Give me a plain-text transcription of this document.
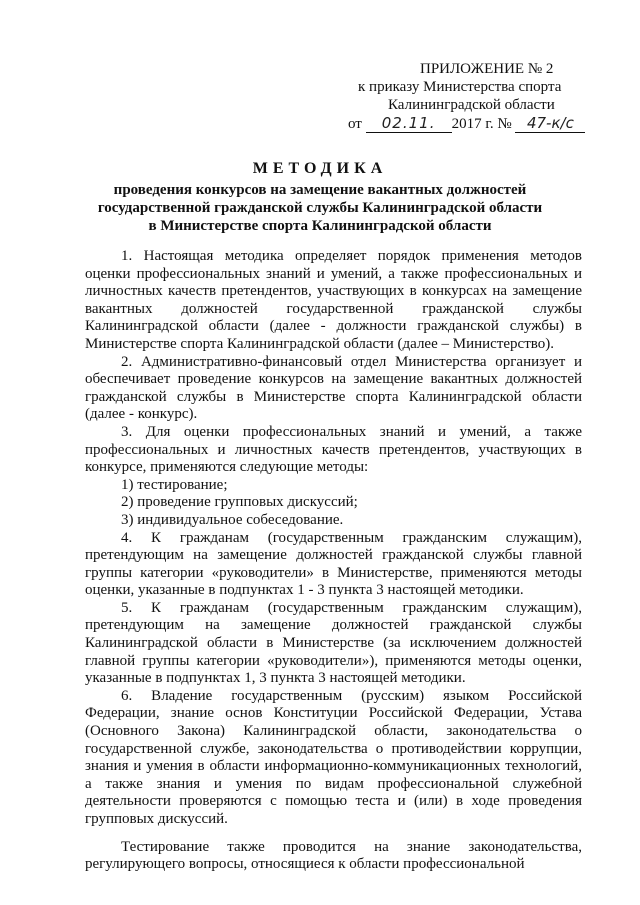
ПРИЛОЖЕНИЕ № 2
к приказу Министерства спорта
Калининградской области
от 02.11. 2017 г. № 47-к/с
МЕТОДИКА
проведения конкурсов на замещение вакантных должностей
государственной гражданской службы Калининградской области
в Министерстве спорта Калининградской области

1. Настоящая методика определяет порядок применения методов оценки профессиональных знаний и умений, а также профессиональных и личностных качеств претендентов, участвующих в конкурсах на замещение вакантных должностей государственной гражданской службы Калининградской области (далее - должности гражданской службы) в Министерстве спорта Калининградской области (далее – Министерство).

2. Административно-финансовый отдел Министерства организует и обеспечивает проведение конкурсов на замещение вакантных должностей гражданской службы в Министерстве спорта Калининградской области (далее - конкурс).

3. Для оценки профессиональных знаний и умений, а также профессиональных и личностных качеств претендентов, участвующих в конкурсе, применяются следующие методы:

1) тестирование;

2) проведение групповых дискуссий;

3) индивидуальное собеседование.

4. К гражданам (государственным гражданским служащим), претендующим на замещение должностей гражданской службы главной группы категории «руководители» в Министерстве, применяются методы оценки, указанные в подпунктах 1 - 3 пункта 3 настоящей методики.

5. К гражданам (государственным гражданским служащим), претендующим на замещение должностей гражданской службы Калининградской области в Министерстве (за исключением должностей главной группы категории «руководители»), применяются методы оценки, указанные в подпунктах 1, 3 пункта 3 настоящей методики.

6. Владение государственным (русским) языком Российской Федерации, знание основ Конституции Российской Федерации, Устава (Основного Закона) Калининградской области, законодательства о государственной службе, законодательства о противодействии коррупции, знания и умения в области информационно-коммуникационных технологий, а также знания и умения по видам профессиональной служебной деятельности проверяются с помощью теста и (или) в ходе проведения групповых дискуссий.

Тестирование также проводится на знание законодательства, регулирующего вопросы, относящиеся к области профессиональной
